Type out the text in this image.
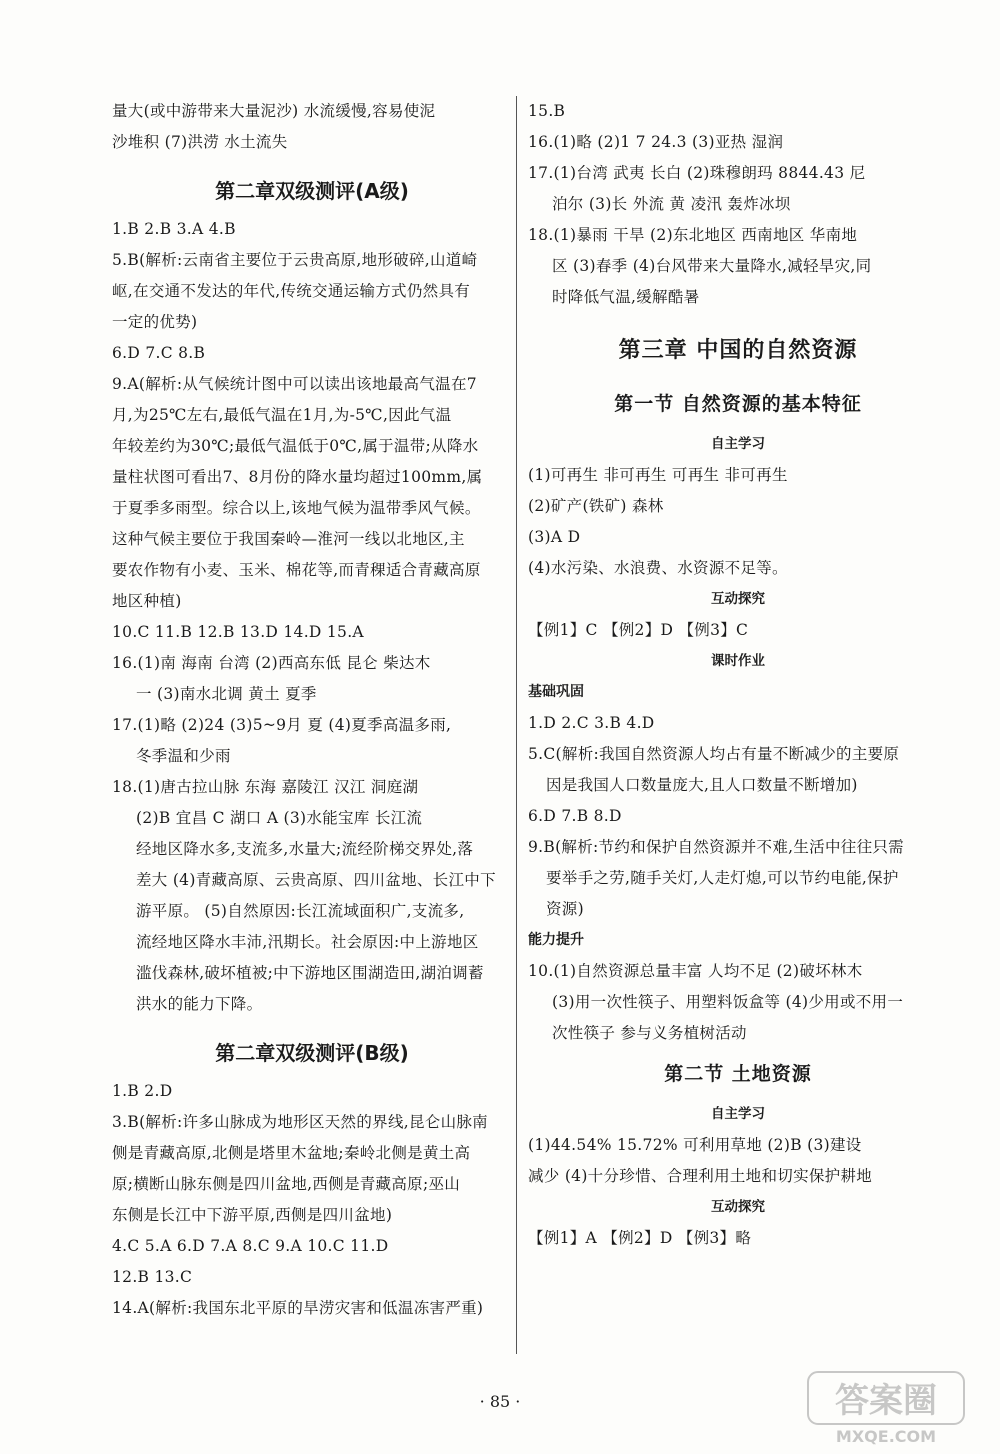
量大(或中游带来大量泥沙) 水流缓慢,容易使泥
沙堆积 (7)洪涝 水土流失
第二章双级测评(A级)
1.B 2.B 3.A 4.B
5.B(解析:云南省主要位于云贵高原,地形破碎,山道崎
岖,在交通不发达的年代,传统交通运输方式仍然具有
一定的优势)
6.D 7.C 8.B
9.A(解析:从气候统计图中可以读出该地最高气温在7
月,为25℃左右,最低气温在1月,为-5℃,因此气温
年较差约为30℃;最低气温低于0℃,属于温带;从降水
量柱状图可看出7、8月份的降水量均超过100mm,属
于夏季多雨型。综合以上,该地气候为温带季风气候。
这种气候主要位于我国秦岭—淮河一线以北地区,主
要农作物有小麦、玉米、棉花等,而青稞适合青藏高原
地区种植)
10.C 11.B 12.B 13.D 14.D 15.A
16.(1)南 海南 台湾 (2)西高东低 昆仑 柴达木
一 (3)南水北调 黄土 夏季
17.(1)略 (2)24 (3)5~9月 夏 (4)夏季高温多雨,
冬季温和少雨
18.(1)唐古拉山脉 东海 嘉陵江 汉江 洞庭湖
(2)B 宜昌 C 湖口 A (3)水能宝库 长江流
经地区降水多,支流多,水量大;流经阶梯交界处,落
差大 (4)青藏高原、云贵高原、四川盆地、长江中下
游平原。 (5)自然原因:长江流域面积广,支流多,
流经地区降水丰沛,汛期长。社会原因:中上游地区
滥伐森林,破坏植被;中下游地区围湖造田,湖泊调蓄
洪水的能力下降。
第二章双级测评(B级)
1.B 2.D
3.B(解析:许多山脉成为地形区天然的界线,昆仑山脉南
侧是青藏高原,北侧是塔里木盆地;秦岭北侧是黄土高
原;横断山脉东侧是四川盆地,西侧是青藏高原;巫山
东侧是长江中下游平原,西侧是四川盆地)
4.C 5.A 6.D 7.A 8.C 9.A 10.C 11.D
12.B 13.C
14.A(解析:我国东北平原的旱涝灾害和低温冻害严重)
15.B
16.(1)略 (2)1 7 24.3 (3)亚热 湿润
17.(1)台湾 武夷 长白 (2)珠穆朗玛 8844.43 尼
泊尔 (3)长 外流 黄 凌汛 轰炸冰坝
18.(1)暴雨 干旱 (2)东北地区 西南地区 华南地
区 (3)春季 (4)台风带来大量降水,减轻旱灾,同
时降低气温,缓解酷暑
第三章 中国的自然资源
第一节 自然资源的基本特征
自主学习
(1)可再生 非可再生 可再生 非可再生
(2)矿产(铁矿) 森林
(3)A D
(4)水污染、水浪费、水资源不足等。
互动探究
【例1】C 【例2】D 【例3】C
课时作业
基础巩固
1.D 2.C 3.B 4.D
5.C(解析:我国自然资源人均占有量不断减少的主要原
因是我国人口数量庞大,且人口数量不断增加)
6.D 7.B 8.D
9.B(解析:节约和保护自然资源并不难,生活中往往只需
要举手之劳,随手关灯,人走灯熄,可以节约电能,保护
资源)
能力提升
10.(1)自然资源总量丰富 人均不足 (2)破坏林木
(3)用一次性筷子、用塑料饭盒等 (4)少用或不用一
次性筷子 参与义务植树活动
第二节 土地资源
自主学习
(1)44.54% 15.72% 可利用草地 (2)B (3)建设
减少 (4)十分珍惜、合理利用土地和切实保护耕地
互动探究
【例1】A 【例2】D 【例3】略
· 85 ·	答案圈
MXQE.COM
